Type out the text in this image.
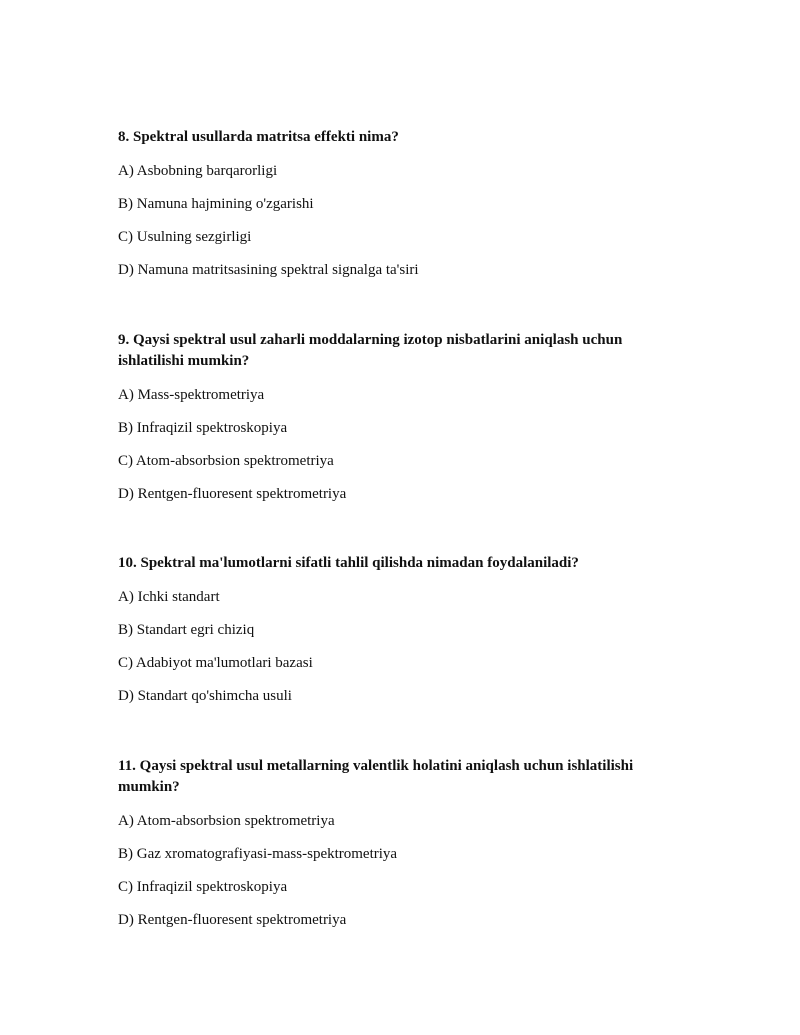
8. Spektral usullarda matritsa effekti nima?

A) Asbobning barqarorligi

B) Namuna hajmining o'zgarishi

C) Usulning sezgirligi

D) Namuna matritsasining spektral signalga ta'siri

9. Qaysi spektral usul zaharli moddalarning izotop nisbatlarini aniqlash uchun ishlatilishi mumkin?

A) Mass-spektrometriya

B) Infraqizil spektroskopiya

C) Atom-absorbsion spektrometriya

D) Rentgen-fluoresent spektrometriya

10. Spektral ma'lumotlarni sifatli tahlil qilishda nimadan foydalaniladi?

A) Ichki standart

B) Standart egri chiziq

C) Adabiyot ma'lumotlari bazasi

D) Standart qo'shimcha usuli

11. Qaysi spektral usul metallarning valentlik holatini aniqlash uchun ishlatilishi mumkin?

A) Atom-absorbsion spektrometriya

B) Gaz xromatografiyasi-mass-spektrometriya

C) Infraqizil spektroskopiya

D) Rentgen-fluoresent spektrometriya
